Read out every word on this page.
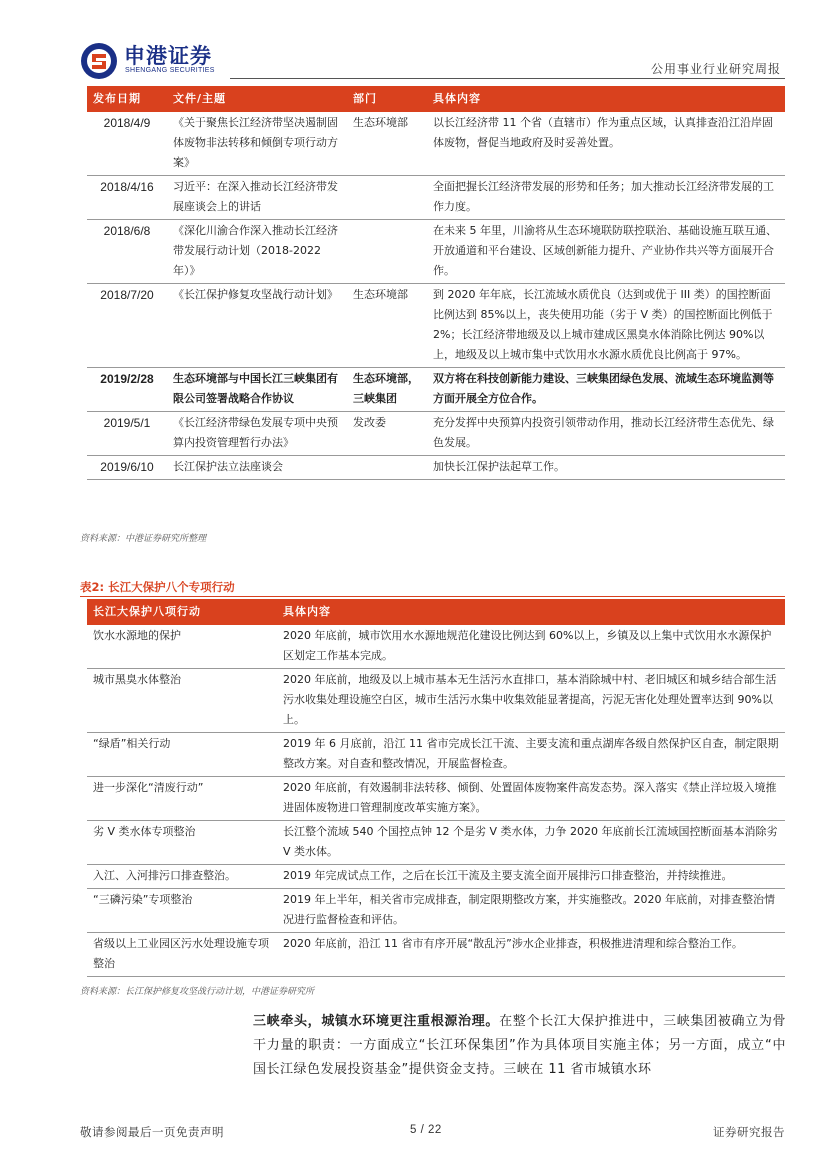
申港证券
SHENGANG SECURITIES	公用事业行业研究周报
发布日期	文件/主题	部门	具体内容
2018/4/9	《关于聚焦长江经济带坚决遏制固体废物非法转移和倾倒专项行动方案》	生态环境部	以长江经济带 11 个省（直辖市）作为重点区域，认真排查沿江沿岸固体废物，督促当地政府及时妥善处置。
2018/4/16	习近平：在深入推动长江经济带发展座谈会上的讲话		全面把握长江经济带发展的形势和任务；加大推动长江经济带发展的工作力度。
2018/6/8	《深化川渝合作深入推动长江经济带发展行动计划（2018-2022 年）》		在未来 5 年里，川渝将从生态环境联防联控联治、基础设施互联互通、开放通道和平台建设、区域创新能力提升、产业协作共兴等方面展开合作。
2018/7/20	《长江保护修复攻坚战行动计划》	生态环境部	到 2020 年年底，长江流域水质优良（达到或优于 III 类）的国控断面比例达到 85%以上，丧失使用功能（劣于 V 类）的国控断面比例低于 2%；长江经济带地级及以上城市建成区黑臭水体消除比例达 90%以上，地级及以上城市集中式饮用水水源水质优良比例高于 97%。
2019/2/28	生态环境部与中国长江三峡集团有限公司签署战略合作协议	生态环境部，三峡集团	双方将在科技创新能力建设、三峡集团绿色发展、流域生态环境监测等方面开展全方位合作。
2019/5/1	《长江经济带绿色发展专项中央预算内投资管理暂行办法》	发改委	充分发挥中央预算内投资引领带动作用，推动长江经济带生态优先、绿色发展。
2019/6/10	长江保护法立法座谈会		加快长江保护法起草工作。
资料来源：中港证券研究所整理
表2: 长江大保护八个专项行动
长江大保护八项行动	具体内容
饮水水源地的保护	2020 年底前，城市饮用水水源地规范化建设比例达到 60%以上，乡镇及以上集中式饮用水水源保护区划定工作基本完成。
城市黑臭水体整治	2020 年底前，地级及以上城市基本无生活污水直排口，基本消除城中村、老旧城区和城乡结合部生活污水收集处理设施空白区，城市生活污水集中收集效能显著提高，污泥无害化处理处置率达到 90%以上。
“绿盾”相关行动	2019 年 6 月底前，沿江 11 省市完成长江干流、主要支流和重点湖库各级自然保护区自查，制定限期整改方案。对自查和整改情况，开展监督检查。
进一步深化“清废行动”	2020 年底前，有效遏制非法转移、倾倒、处置固体废物案件高发态势。深入落实《禁止洋垃圾入境推进固体废物进口管理制度改革实施方案》。
劣 V 类水体专项整治	长江整个流域 540 个国控点钟 12 个是劣 V 类水体，力争 2020 年底前长江流域国控断面基本消除劣 V 类水体。
入江、入河排污口排查整治。	2019 年完成试点工作，之后在长江干流及主要支流全面开展排污口排查整治，并持续推进。
“三磷污染”专项整治	2019 年上半年，相关省市完成排查，制定限期整改方案，并实施整改。2020 年底前，对排查整治情况进行监督检查和评估。
省级以上工业园区污水处理设施专项整治	2020 年底前，沿江 11 省市有序开展“散乱污”涉水企业排查，积极推进清理和综合整治工作。
资料来源：长江保护修复攻坚战行动计划，中港证券研究所
三峡牵头，城镇水环境更注重根源治理。在整个长江大保护推进中，三峡集团被确立为骨干力量的职责：一方面成立“长江环保集团”作为具体项目实施主体；另一方面，成立“中国长江绿色发展投资基金”提供资金支持。三峡在 11 省市城镇水环
敬请参阅最后一页免责声明	5 / 22	证券研究报告
